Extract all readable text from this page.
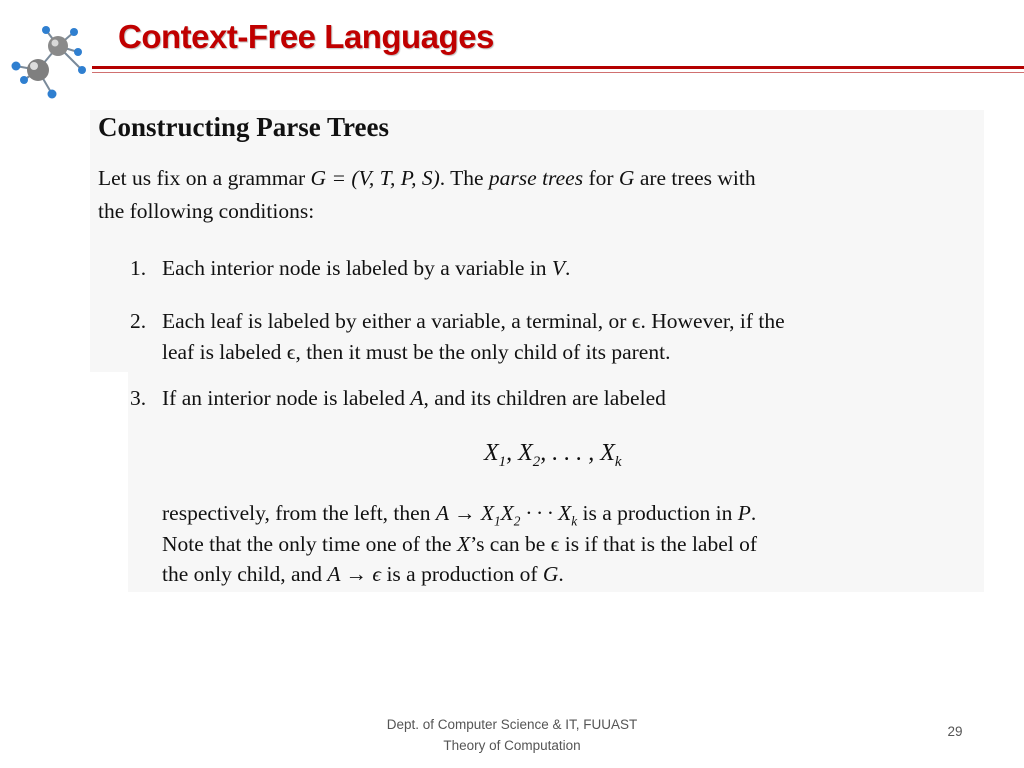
Context-Free Languages
Constructing Parse Trees
Let us fix on a grammar G = (V, T, P, S). The parse trees for G are trees with
the following conditions:
1. Each interior node is labeled by a variable in V.
2. Each leaf is labeled by either a variable, a terminal, or ϵ. However, if the
leaf is labeled ϵ, then it must be the only child of its parent.
3. If an interior node is labeled A, and its children are labeled
$X_1$, $X_2$, . . . , $X_k$
respectively, from the left, then $A \to X_1X_2$ · · · $X_k$ is a production in P.
Note that the only time one of the X’s can be ϵ is if that is the label of
the only child, and A → ϵ is a production of G.
Dept. of Computer Science & IT, FUUAST
Theory of Computation
29
